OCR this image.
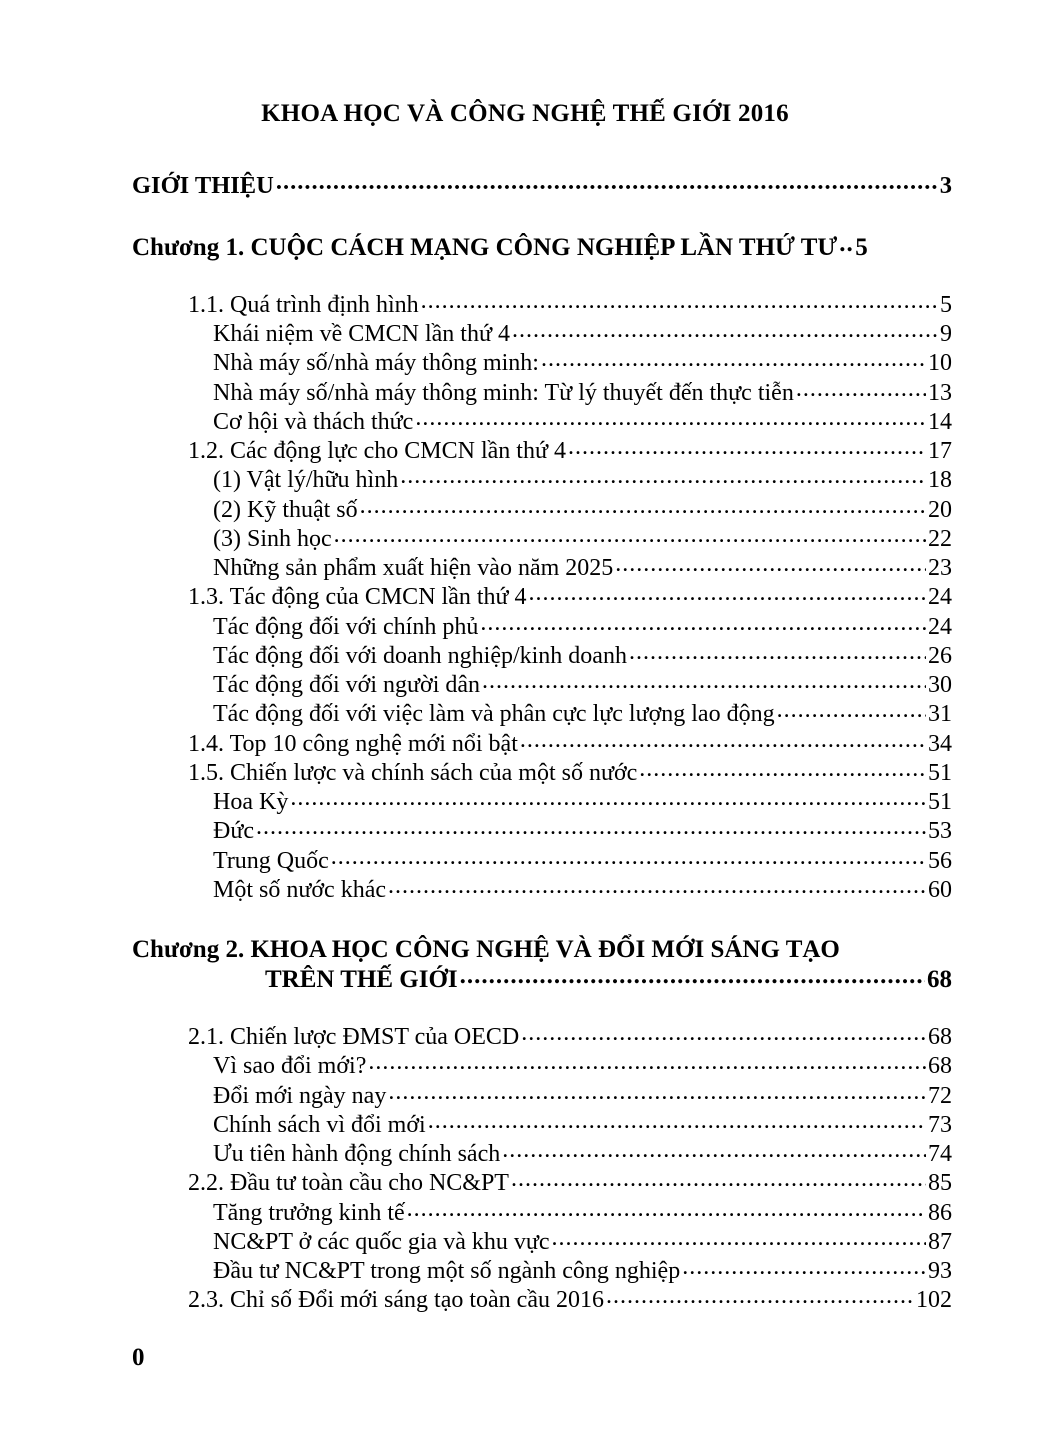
KHOA HỌC VÀ CÔNG NGHỆ THẾ GIỚI 2016
GIỚI THIỆU .....	3
Chương 1. CUỘC CÁCH MẠNG CÔNG NGHIỆP LẦN THỨ TƯ ..... 5
1.1. Quá trình định hình .....	5
Khái niệm về CMCN lần thứ 4 .....	9
Nhà máy số/nhà máy thông minh: .....	10
Nhà máy số/nhà máy thông minh: Từ lý thuyết đến thực tiễn .....	13
Cơ hội và thách thức .....	14
1.2. Các động lực cho CMCN lần thứ 4 .....	17
(1) Vật lý/hữu hình .....	18
(2) Kỹ thuật số .....	20
(3) Sinh học .....	22
Những sản phẩm xuất hiện vào năm 2025 .....	23
1.3. Tác động của CMCN lần thứ 4 .....	24
Tác động đối với chính phủ .....	24
Tác động đối với doanh nghiệp/kinh doanh .....	26
Tác động đối với người dân .....	30
Tác động đối với việc làm và phân cực lực lượng lao động .....	31
1.4. Top 10 công nghệ mới nổi bật .....	34
1.5. Chiến lược và chính sách của một số nước .....	51
Hoa Kỳ .....	51
Đức .....	53
Trung Quốc .....	56
Một số nước khác .....	60
Chương 2. KHOA HỌC CÔNG NGHỆ VÀ ĐỔI MỚI SÁNG TẠO
TRÊN THẾ GIỚI .....	68
2.1. Chiến lược ĐMST của OECD .....	68
Vì sao đổi mới? .....	68
Đổi mới ngày nay .....	72
Chính sách vì đổi mới .....	73
Ưu tiên hành động chính sách .....	74
2.2. Đầu tư toàn cầu cho NC&PT .....	85
Tăng trưởng kinh tế .....	86
NC&PT ở các quốc gia và khu vực .....	87
Đầu tư NC&PT trong một số ngành công nghiệp .....	93
2.3. Chỉ số Đổi mới sáng tạo toàn cầu 2016 .....	102
0
